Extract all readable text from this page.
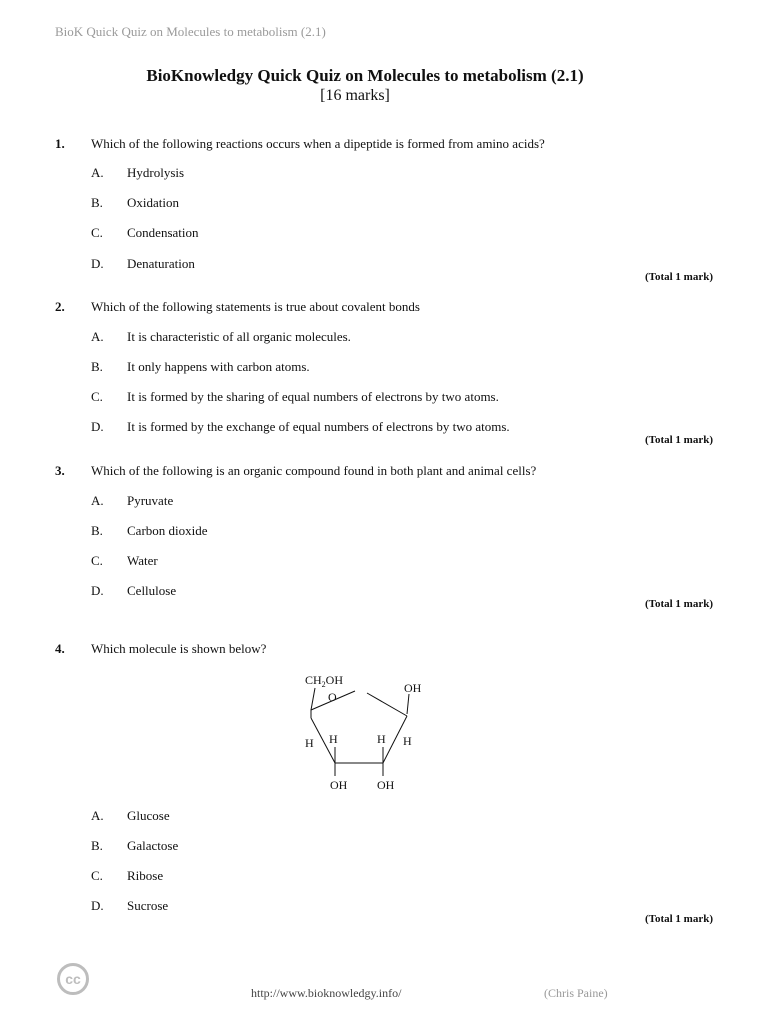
BioK Quick Quiz on Molecules to metabolism (2.1)
BioKnowledgy Quick Quiz on Molecules to metabolism (2.1)
[16 marks]
1. Which of the following reactions occurs when a dipeptide is formed from amino acids?
A. Hydrolysis
B. Oxidation
C. Condensation
D. Denaturation
(Total 1 mark)
2. Which of the following statements is true about covalent bonds
A. It is characteristic of all organic molecules.
B. It only happens with carbon atoms.
C. It is formed by the sharing of equal numbers of electrons by two atoms.
D. It is formed by the exchange of equal numbers of electrons by two atoms.
(Total 1 mark)
3. Which of the following is an organic compound found in both plant and animal cells?
A. Pyruvate
B. Carbon dioxide
C. Water
D. Cellulose
(Total 1 mark)
4. Which molecule is shown below?
$CH_2OH$
O
OH
H H	H H
OH OH
A. Glucose
B. Galactose
C. Ribose
D. Sucrose
(Total 1 mark)
cc
http://www.bioknowledgy.info/	(Chris Paine)
